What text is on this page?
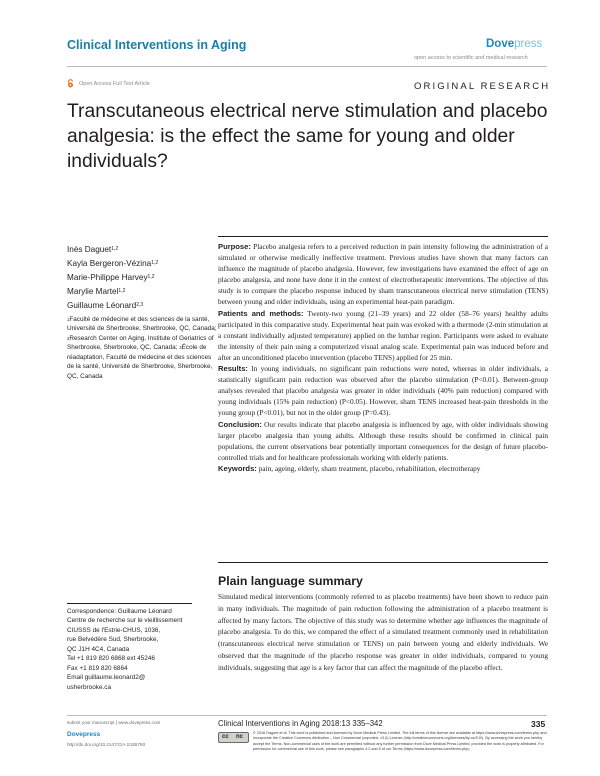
Clinical Interventions in Aging	Dovepress
open access to scientific and medical research
Open Access Full Text Article	ORIGINAL RESEARCH
Transcutaneous electrical nerve stimulation and placebo analgesia: is the effect the same for young and older individuals?
Inès Daguet$^{1,2}$
Kayla Bergeron-Vézina$^{1,2}$
Marie-Philippe Harvey$^{1,2}$
Marylie Martel$^{1,2}$
Guillaume Léonard$^{2,3}$
$^1$Faculté de médecine et des sciences de la santé, Université de Sherbrooke, Sherbrooke, QC, Canada; $^2$Research Center on Aging, Institute of Geriatrics of Sherbrooke, Sherbrooke, QC, Canada; $^3$École de réadaptation, Faculté de médecine et des sciences de la santé, Université de Sherbrooke, Sherbrooke, QC, Canada

Purpose: Placebo analgesia refers to a perceived reduction in pain intensity following the administration of a simulated or otherwise medically ineffective treatment. Previous studies have shown that many factors can influence the magnitude of placebo analgesia. However, few investigations have examined the effect of age on placebo analgesia, and none have done it in the context of electrotherapeutic interventions. The objective of this study is to compare the placebo response induced by sham transcutaneous electrical nerve stimulation (TENS) between young and older individuals, using an experimental heat-pain paradigm.

Patients and methods: Twenty-two young (21–39 years) and 22 older (58–76 years) healthy adults participated in this comparative study. Experimental heat pain was evoked with a thermode (2-min stimulation at a constant individually adjusted temperature) applied on the lumbar region. Participants were asked to evaluate the intensity of their pain using a computerized visual analog scale. Experimental pain was induced before and after an unconditioned placebo intervention (placebo TENS) applied for 25 min.

Results: In young individuals, no significant pain reductions were noted, whereas in older individuals, a statistically significant pain reduction was observed after the placebo stimulation (P<0.01). Between-group analyses revealed that placebo analgesia was greater in older individuals (40% pain reduction) compared with young individuals (15% pain reduction) (P<0.05). However, sham TENS increased heat-pain thresholds in the young group (P<0.01), but not in the older group (P=0.43).

Conclusion: Our results indicate that placebo analgesia is influenced by age, with older individuals showing larger placebo analgesia than young adults. Although these results should be confirmed in clinical pain populations, the current observations bear potentially important consequences for the design of future placebo-controlled trials and for healthcare professionals working with elderly patients.

Keywords: pain, ageing, elderly, sham treatment, placebo, rehabilitation, electrotherapy

Plain language summary
Simulated medical interventions (commonly referred to as placebo treatments) have been shown to reduce pain in many individuals. The magnitude of pain reduction following the administration of a placebo treatment is affected by many factors. The objective of this study was to determine whether age influences the magnitude of placebo analgesia. To do this, we compared the effect of a simulated treatment commonly used in rehabilitation (transcutaneous electrical nerve stimulation or TENS) on pain between young and elderly individuals. We observed that the magnitude of the placebo response was greater in older individuals, compared to young individuals, suggesting that age is a key factor that can affect the magnitude of the placebo effect.
Correspondence: Guillaume Léonard
Centre de recherche sur le vieillissement
CIUSSS de l'Estrie-CHUS, 1036,
rue Belvédère Sud, Sherbrooke,
QC J1H 4C4, Canada
Tel +1 819 820 6868 ext 45246
Fax +1 819 820 6864
Email guillaume.leonard2@
usherbrooke.ca
submit your manuscript | www.dovepress.com
Dovepress
http://dx.doi.org/10.2147/CIA.S155760
Clinical Interventions in Aging 2018:13 335–342	335
cc nc
© 2018 Daguet et al. This work is published and licensed by Dove Medical Press Limited. The full terms of this license are available at https://www.dovepress.com/terms.php and incorporate the Creative Commons Attribution – Non Commercial (unported, v3.0) License (http://creativecommons.org/licenses/by-nc/3.0/). By accessing the work you hereby accept the Terms. Non-commercial uses of the work are permitted without any further permission from Dove Medical Press Limited, provided the work is properly attributed. For permission for commercial use of this work, please see paragraphs 4.2 and 5 of our Terms (https://www.dovepress.com/terms.php).
